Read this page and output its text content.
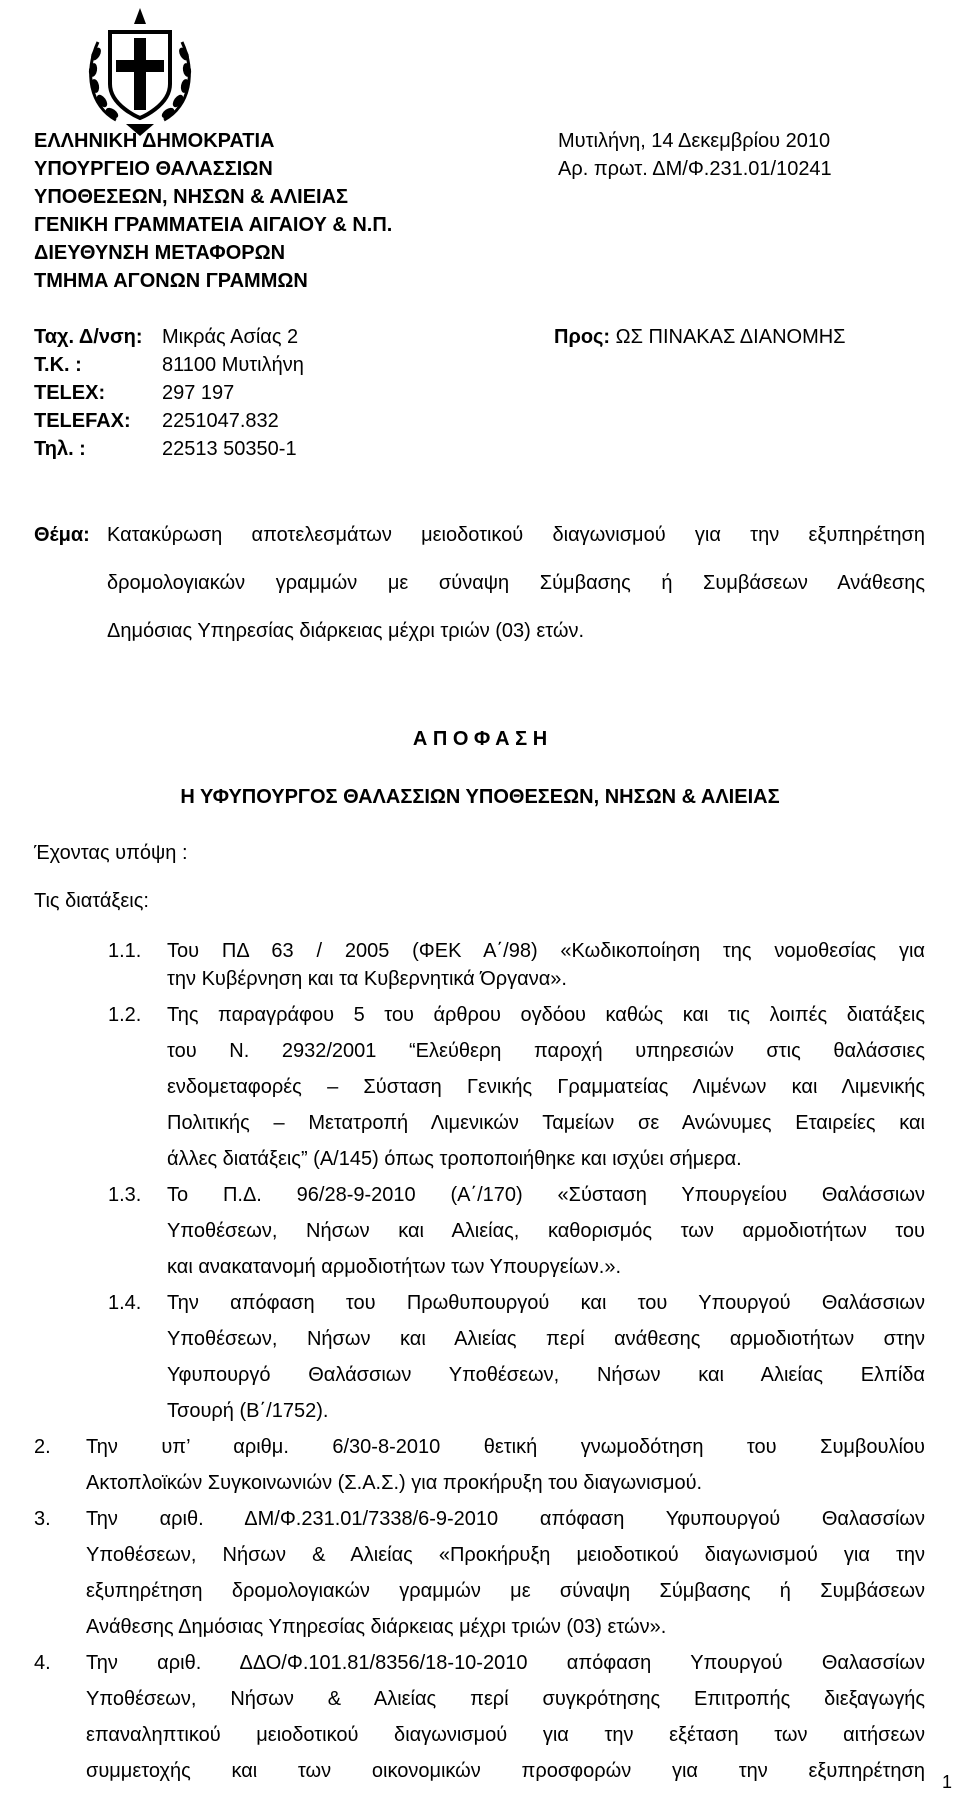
ΕΛΛΗΝΙΚΗ ΔΗΜΟΚΡΑΤΙΑ
ΥΠΟΥΡΓΕΙΟ ΘΑΛΑΣΣΙΩΝ
ΥΠΟΘΕΣΕΩΝ, ΝΗΣΩΝ & ΑΛΙΕΙΑΣ
ΓΕΝΙΚΗ ΓΡΑΜΜΑΤΕΙΑ ΑΙΓΑΙΟΥ & Ν.Π.
ΔΙΕΥΘΥΝΣΗ ΜΕΤΑΦΟΡΩΝ
ΤΜΗΜΑ ΑΓΟΝΩΝ ΓΡΑΜΜΩΝ
Ταχ. Δ/νση: Μικράς Ασίας 2
Τ.Κ. :	81100 Μυτιλήνη
TELEX:	297 197
TELEFAX: 2251047.832
Τηλ. :	22513 50350-1
Μυτιλήνη, 14 Δεκεμβρίου 2010
Αρ. πρωτ. ΔΜ/Φ.231.01/10241
Προς: ΩΣ ΠΙΝΑΚΑΣ ΔΙΑΝΟΜΗΣ
Θέμα: Κατακύρωση αποτελεσμάτων μειοδοτικού διαγωνισμού για την εξυπηρέτηση
δρομολογιακών γραμμών με σύναψη Σύμβασης ή Συμβάσεων Ανάθεσης
Δημόσιας Υπηρεσίας διάρκειας μέχρι τριών (03) ετών.
Α Π Ο Φ Α Σ Η
Η ΥΦΥΠΟΥΡΓΟΣ ΘΑΛΑΣΣΙΩΝ ΥΠΟΘΕΣΕΩΝ, ΝΗΣΩΝ & ΑΛΙΕΙΑΣ
Έχοντας υπόψη :
Τις διατάξεις:
1.1. Του ΠΔ 63 / 2005 (ΦΕΚ Α΄/98) «Κωδικοποίηση της νομοθεσίας για
την Κυβέρνηση και τα Κυβερνητικά Όργανα».
1.2. Της παραγράφου 5 του άρθρου ογδόου καθώς και τις λοιπές διατάξεις
του Ν. 2932/2001 “Ελεύθερη παροχή υπηρεσιών στις θαλάσσιες
ενδομεταφορές – Σύσταση Γενικής Γραμματείας Λιμένων και Λιμενικής
Πολιτικής – Μετατροπή Λιμενικών Ταμείων σε Ανώνυμες Εταιρείες και
άλλες διατάξεις” (Α/145) όπως τροποποιήθηκε και ισχύει σήμερα.
1.3. Το Π.Δ. 96/28-9-2010 (Α΄/170) «Σύσταση Υπουργείου Θαλάσσιων
Υποθέσεων, Νήσων και Αλιείας, καθορισμός των αρμοδιοτήτων του
και ανακατανομή αρμοδιοτήτων των Υπουργείων.».
1.4. Την απόφαση του Πρωθυπουργού και του Υπουργού Θαλάσσιων
Υποθέσεων, Νήσων και Αλιείας περί ανάθεσης αρμοδιοτήτων στην
Υφυπουργό Θαλάσσιων Υποθέσεων, Νήσων και Αλιείας Ελπίδα
Τσουρή (Β΄/1752).
2. Την υπ’ αριθμ. 6/30-8-2010 θετική γνωμοδότηση του Συμβουλίου
Ακτοπλοϊκών Συγκοινωνιών (Σ.Α.Σ.) για προκήρυξη του διαγωνισμού.
3. Την αριθ. ΔΜ/Φ.231.01/7338/6-9-2010 απόφαση Υφυπουργού Θαλασσίων
Υποθέσεων, Νήσων & Αλιείας «Προκήρυξη μειοδοτικού διαγωνισμού για την
εξυπηρέτηση δρομολογιακών γραμμών με σύναψη Σύμβασης ή Συμβάσεων
Ανάθεσης Δημόσιας Υπηρεσίας διάρκειας μέχρι τριών (03) ετών».
4. Την αριθ. ΔΔΟ/Φ.101.81/8356/18-10-2010 απόφαση Υπουργού Θαλασσίων
Υποθέσεων, Νήσων & Αλιείας περί συγκρότησης Επιτροπής διεξαγωγής
επαναληπτικού μειοδοτικού διαγωνισμού για την εξέταση των αιτήσεων
συμμετοχής και των οικονομικών προσφορών για την εξυπηρέτηση 1
